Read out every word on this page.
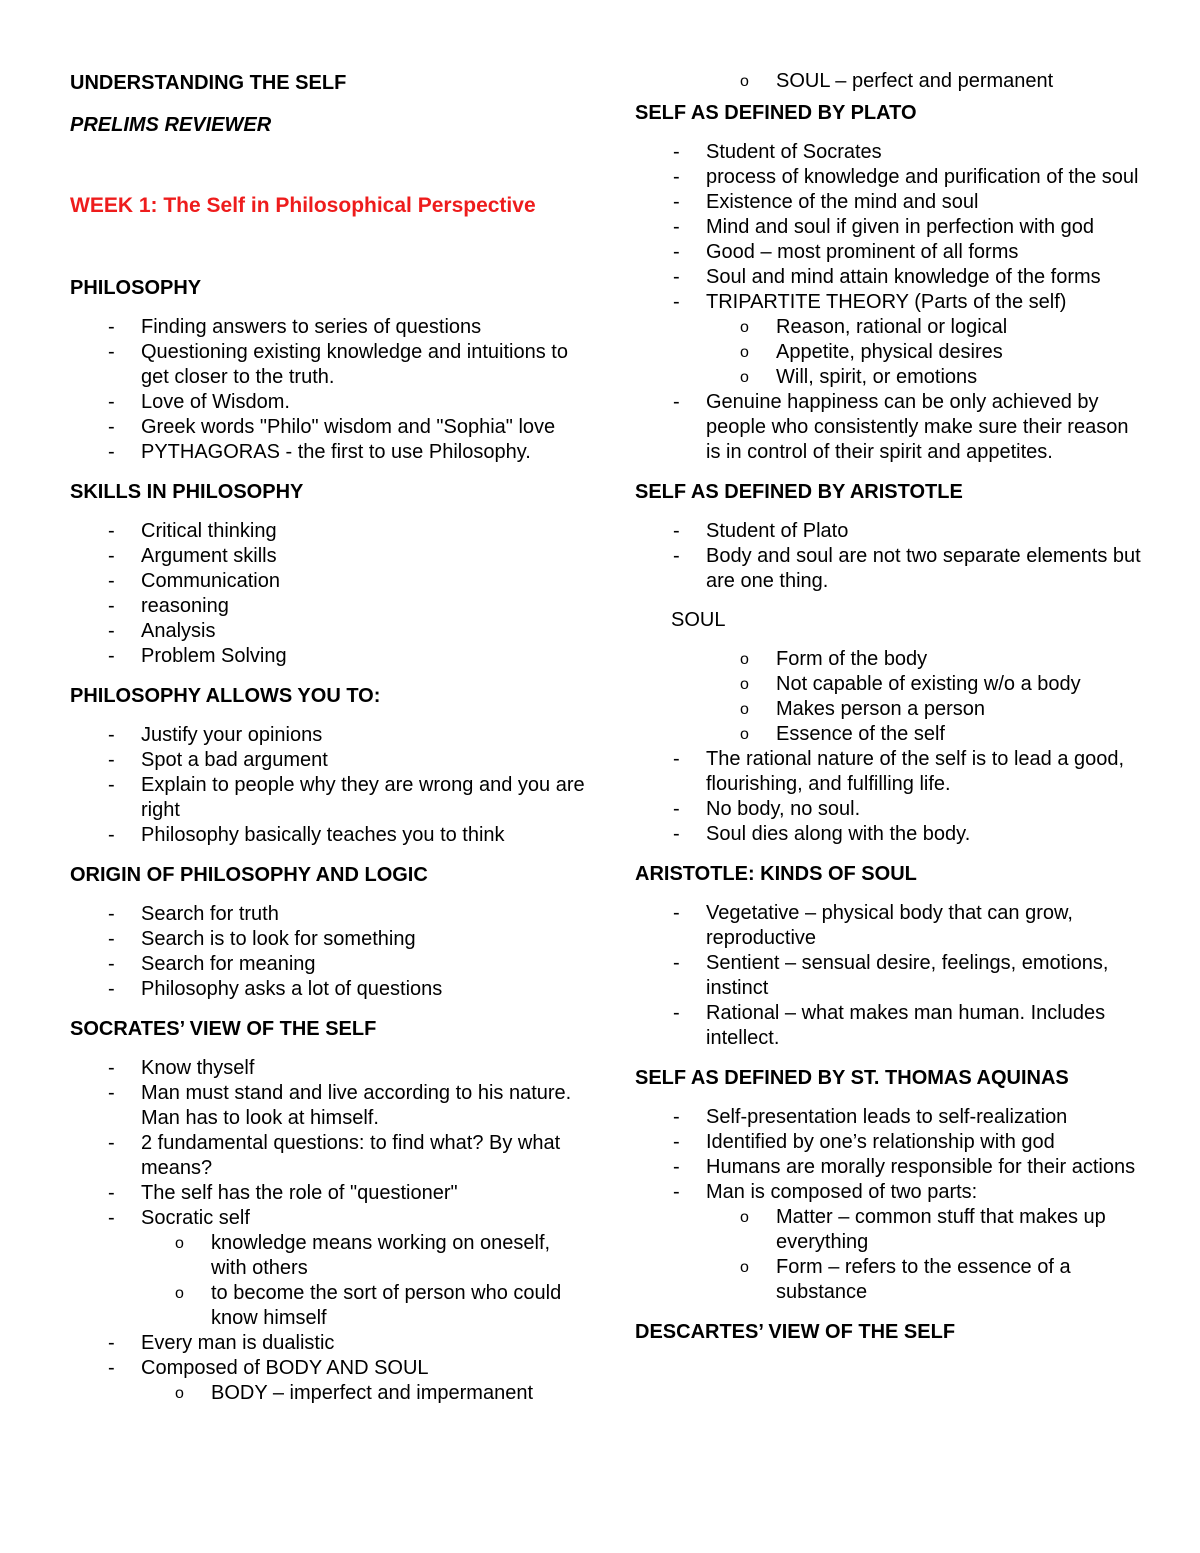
UNDERSTANDING THE SELF
PRELIMS REVIEWER
WEEK 1: The Self in Philosophical Perspective
PHILOSOPHY
- Finding answers to series of questions
- Questioning existing knowledge and intuitions to get closer to the truth.
- Love of Wisdom.
- Greek words "Philo" wisdom and "Sophia" love
- PYTHAGORAS - the first to use Philosophy.
SKILLS IN PHILOSOPHY
- Critical thinking
- Argument skills
- Communication
- reasoning
- Analysis
- Problem Solving
PHILOSOPHY ALLOWS YOU TO:
- Justify your opinions
- Spot a bad argument
- Explain to people why they are wrong and you are right
- Philosophy basically teaches you to think
ORIGIN OF PHILOSOPHY AND LOGIC
- Search for truth
- Search is to look for something
- Search for meaning
- Philosophy asks a lot of questions
SOCRATES’ VIEW OF THE SELF
- Know thyself
- Man must stand and live according to his nature. Man has to look at himself.
- 2 fundamental questions: to find what? By what means?
- The self has the role of "questioner"
- Socratic self
o knowledge means working on oneself, with others
o to become the sort of person who could know himself
- Every man is dualistic
- Composed of BODY AND SOUL
o BODY – imperfect and impermanent
o SOUL – perfect and permanent
SELF AS DEFINED BY PLATO
- Student of Socrates
- process of knowledge and purification of the soul
- Existence of the mind and soul
- Mind and soul if given in perfection with god
- Good – most prominent of all forms
- Soul and mind attain knowledge of the forms
- TRIPARTITE THEORY (Parts of the self)
o Reason, rational or logical
o Appetite, physical desires
o Will, spirit, or emotions
- Genuine happiness can be only achieved by people who consistently make sure their reason is in control of their spirit and appetites.
SELF AS DEFINED BY ARISTOTLE
- Student of Plato
- Body and soul are not two separate elements but are one thing.
SOUL
o Form of the body
o Not capable of existing w/o a body
o Makes person a person
o Essence of the self
- The rational nature of the self is to lead a good, flourishing, and fulfilling life.
- No body, no soul.
- Soul dies along with the body.
ARISTOTLE: KINDS OF SOUL
- Vegetative – physical body that can grow, reproductive
- Sentient – sensual desire, feelings, emotions, instinct
- Rational – what makes man human. Includes intellect.
SELF AS DEFINED BY ST. THOMAS AQUINAS
- Self-presentation leads to self-realization
- Identified by one’s relationship with god
- Humans are morally responsible for their actions
- Man is composed of two parts:
o Matter – common stuff that makes up everything
o Form – refers to the essence of a substance
DESCARTES’ VIEW OF THE SELF
